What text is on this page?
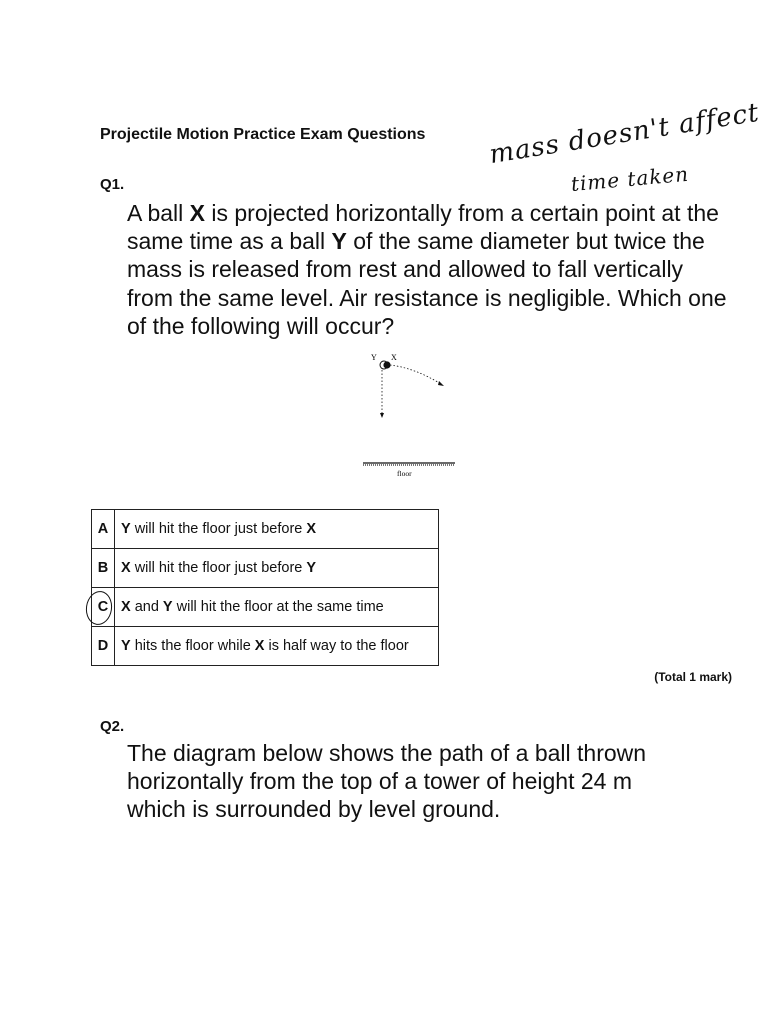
Projectile Motion Practice Exam Questions mass doesn't affect
time taken
Q1.
A ball X is projected horizontally from a certain point at the same time as a ball Y of the same diameter but twice the mass is released from rest and allowed to fall vertically from the same level. Air resistance is negligible. Which one of the following will occur?
Y X
floor
A	Y will hit the floor just before X
B	X will hit the floor just before Y
C	X and Y will hit the floor at the same time
D	Y hits the floor while X is half way to the floor
(Total 1 mark)
Q2.
The diagram below shows the path of a ball thrown horizontally from the top of a tower of height 24 m which is surrounded by level ground.
